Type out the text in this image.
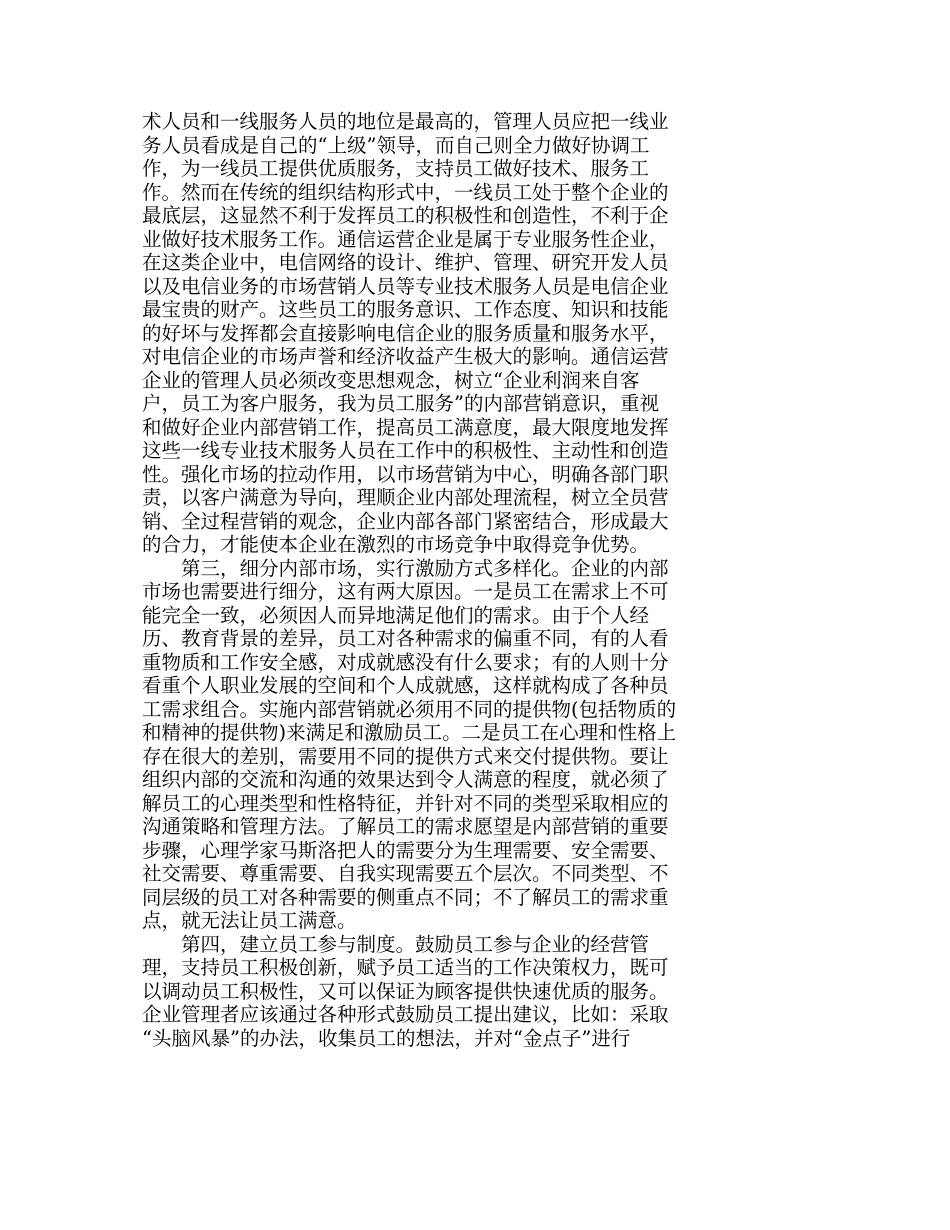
术人员和一线服务人员的地位是最高的，管理人员应把一线业
务人员看成是自己的“上级”领导，而自己则全力做好协调工
作，为一线员工提供优质服务，支持员工做好技术、服务工
作。然而在传统的组织结构形式中，一线员工处于整个企业的
最底层，这显然不利于发挥员工的积极性和创造性，不利于企
业做好技术服务工作。通信运营企业是属于专业服务性企业，
在这类企业中，电信网络的设计、维护、管理、研究开发人员
以及电信业务的市场营销人员等专业技术服务人员是电信企业
最宝贵的财产。这些员工的服务意识、工作态度、知识和技能
的好坏与发挥都会直接影响电信企业的服务质量和服务水平，
对电信企业的市场声誉和经济收益产生极大的影响。通信运营
企业的管理人员必须改变思想观念，树立“企业利润来自客
户，员工为客户服务，我为员工服务”的内部营销意识，重视
和做好企业内部营销工作，提高员工满意度，最大限度地发挥
这些一线专业技术服务人员在工作中的积极性、主动性和创造
性。强化市场的拉动作用，以市场营销为中心，明确各部门职
责，以客户满意为导向，理顺企业内部处理流程，树立全员营
销、全过程营销的观念，企业内部各部门紧密结合，形成最大
的合力，才能使本企业在激烈的市场竞争中取得竞争优势。
　　第三，细分内部市场，实行激励方式多样化。企业的内部
市场也需要进行细分，这有两大原因。一是员工在需求上不可
能完全一致，必须因人而异地满足他们的需求。由于个人经
历、教育背景的差异，员工对各种需求的偏重不同，有的人看
重物质和工作安全感，对成就感没有什么要求；有的人则十分
看重个人职业发展的空间和个人成就感，这样就构成了各种员
工需求组合。实施内部营销就必须用不同的提供物(包括物质的
和精神的提供物)来满足和激励员工。二是员工在心理和性格上
存在很大的差别，需要用不同的提供方式来交付提供物。要让
组织内部的交流和沟通的效果达到令人满意的程度，就必须了
解员工的心理类型和性格特征，并针对不同的类型采取相应的
沟通策略和管理方法。了解员工的需求愿望是内部营销的重要
步骤，心理学家马斯洛把人的需要分为生理需要、安全需要、
社交需要、尊重需要、自我实现需要五个层次。不同类型、不
同层级的员工对各种需要的侧重点不同；不了解员工的需求重
点，就无法让员工满意。
　　第四，建立员工参与制度。鼓励员工参与企业的经营管
理，支持员工积极创新，赋予员工适当的工作决策权力，既可
以调动员工积极性，又可以保证为顾客提供快速优质的服务。
企业管理者应该通过各种形式鼓励员工提出建议，比如：采取
“头脑风暴”的办法，收集员工的想法，并对“金点子”进行
